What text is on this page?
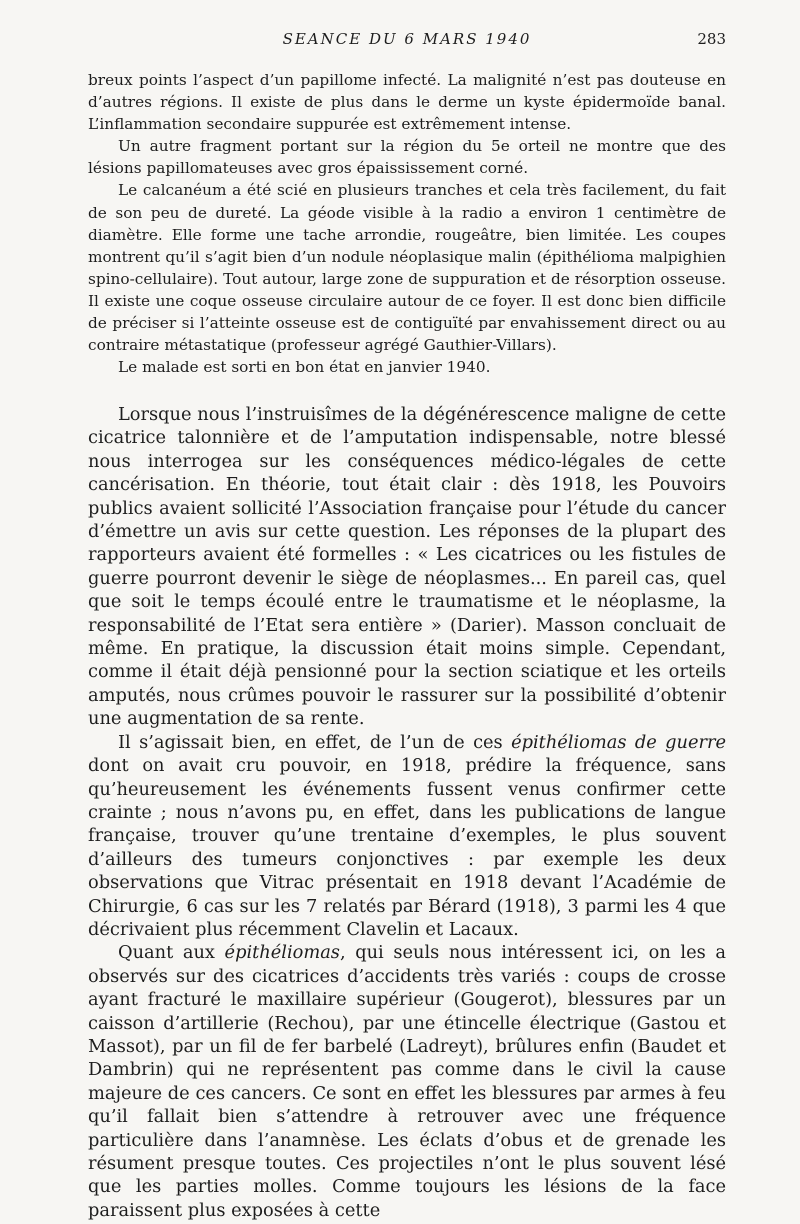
SEANCE DU 6 MARS 1940	283

breux points l’aspect d’un papillome infecté. La malignité n’est pas douteuse en d’autres régions. Il existe de plus dans le derme un kyste épidermoïde banal. L’inflammation secondaire suppurée est extrêmement intense.

Un autre fragment portant sur la région du 5e orteil ne montre que des lésions papillomateuses avec gros épaississement corné.

Le calcanéum a été scié en plusieurs tranches et cela très facilement, du fait de son peu de dureté. La géode visible à la radio a environ 1 centimètre de diamètre. Elle forme une tache arrondie, rougeâtre, bien limitée. Les coupes montrent qu’il s’agit bien d’un nodule néoplasique malin (épithélioma malpighien spino-cellulaire). Tout autour, large zone de suppuration et de résorption osseuse. Il existe une coque osseuse circulaire autour de ce foyer. Il est donc bien difficile de préciser si l’atteinte osseuse est de contiguïté par envahissement direct ou au contraire métastatique (professeur agrégé Gauthier-Villars).

Le malade est sorti en bon état en janvier 1940.

Lorsque nous l’instruisîmes de la dégénérescence maligne de cette cicatrice talonnière et de l’amputation indispensable, notre blessé nous interrogea sur les conséquences médico-légales de cette cancérisation. En théorie, tout était clair : dès 1918, les Pouvoirs publics avaient sollicité l’Association française pour l’étude du cancer d’émettre un avis sur cette question. Les réponses de la plupart des rapporteurs avaient été formelles : « Les cicatrices ou les fistules de guerre pourront devenir le siège de néoplasmes... En pareil cas, quel que soit le temps écoulé entre le traumatisme et le néoplasme, la responsabilité de l’Etat sera entière » (Darier). Masson concluait de même. En pratique, la discussion était moins simple. Cependant, comme il était déjà pensionné pour la section sciatique et les orteils amputés, nous crûmes pouvoir le rassurer sur la possibilité d’obtenir une augmentation de sa rente.

Il s’agissait bien, en effet, de l’un de ces épithéliomas de guerre dont on avait cru pouvoir, en 1918, prédire la fréquence, sans qu’heureusement les événements fussent venus confirmer cette crainte ; nous n’avons pu, en effet, dans les publications de langue française, trouver qu’une trentaine d’exemples, le plus souvent d’ailleurs des tumeurs conjonctives : par exemple les deux observations que Vitrac présentait en 1918 devant l’Académie de Chirurgie, 6 cas sur les 7 relatés par Bérard (1918), 3 parmi les 4 que décrivaient plus récemment Clavelin et Lacaux.

Quant aux épithéliomas, qui seuls nous intéressent ici, on les a observés sur des cicatrices d’accidents très variés : coups de crosse ayant fracturé le maxillaire supérieur (Gougerot), blessures par un caisson d’artillerie (Rechou), par une étincelle électrique (Gastou et Massot), par un fil de fer barbelé (Ladreyt), brûlures enfin (Baudet et Dambrin) qui ne représentent pas comme dans le civil la cause majeure de ces cancers. Ce sont en effet les blessures par armes à feu qu’il fallait bien s’attendre à retrouver avec une fréquence particulière dans l’anamnèse. Les éclats d’obus et de grenade les résument presque toutes. Ces projectiles n’ont le plus souvent lésé que les parties molles. Comme toujours les lésions de la face paraissent plus exposées à cette
